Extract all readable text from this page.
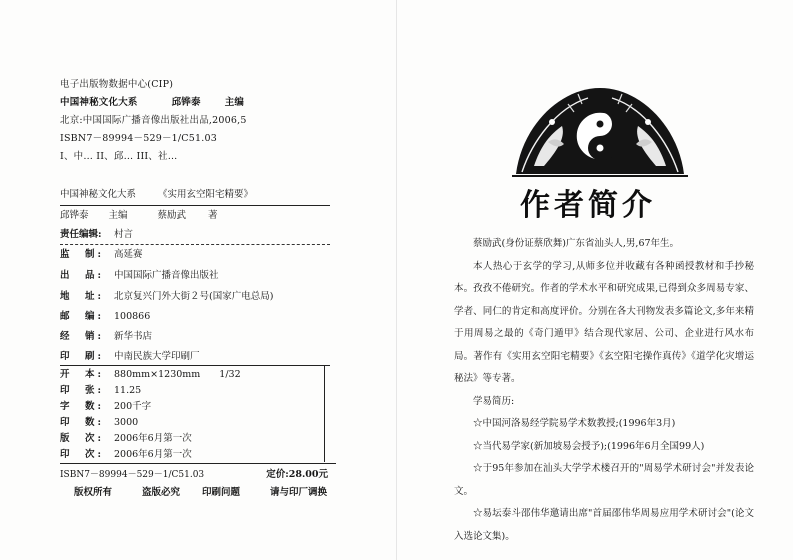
电子出版物数据中心(CIP)
中国神秘文化大系	邱铧泰	主编
北京:中国国际广播音像出版社出品,2006,5
ISBN7－89994－529－1/C51.03
I、中… II、邱… III、社…
中国神秘文化大系 《实用玄空阳宅精要》
邱铧泰 主编	蔡励武 著
责任编辑: 村言
监　制: 高延赛
出　品: 中国国际广播音像出版社
地　址: 北京复兴门外大街２号(国家广电总局)
邮　编: 100866
经　销: 新华书店
印　刷: 中南民族大学印刷厂
开　本: 880mm×1230mm　　1/32
印　张: 11.25
字　数: 200千字
印　数: 3000
版　次: 2006年6月第一次
印　次: 2006年6月第一次
ISBN7－89994－529－1/C51.03	定价:28.00元
版权所有	盗版必究 印刷问题	请与印厂调换
作者简介

蔡励武(身份证蔡欣舞)广东省汕头人,男,67年生。

本人热心于玄学的学习,从师多位并收藏有各种函授教材和手抄秘本。孜孜不倦研究。作者的学术水平和研究成果,已得到众多周易专家、学者、同仁的肯定和高度评价。分别在各大刊物发表多篇论文,多年来精于用周易之最的《奇门遁甲》结合现代家居、公司、企业进行风水布局。著作有《实用玄空阳宅精要》《玄空阳宅操作真传》《道学化灾增运秘法》等专著。

学易简历:

☆中国河洛易经学院易学术数教授;(1996年3月)

☆当代易学家(新加坡易会授予);(1996年6月全国99人)

☆于95年参加在汕头大学学术楼召开的"周易学术研讨会"并发表论文。

☆易坛泰斗邵伟华邀请出席"首届邵伟华周易应用学术研讨会"(论文入选论文集)。
